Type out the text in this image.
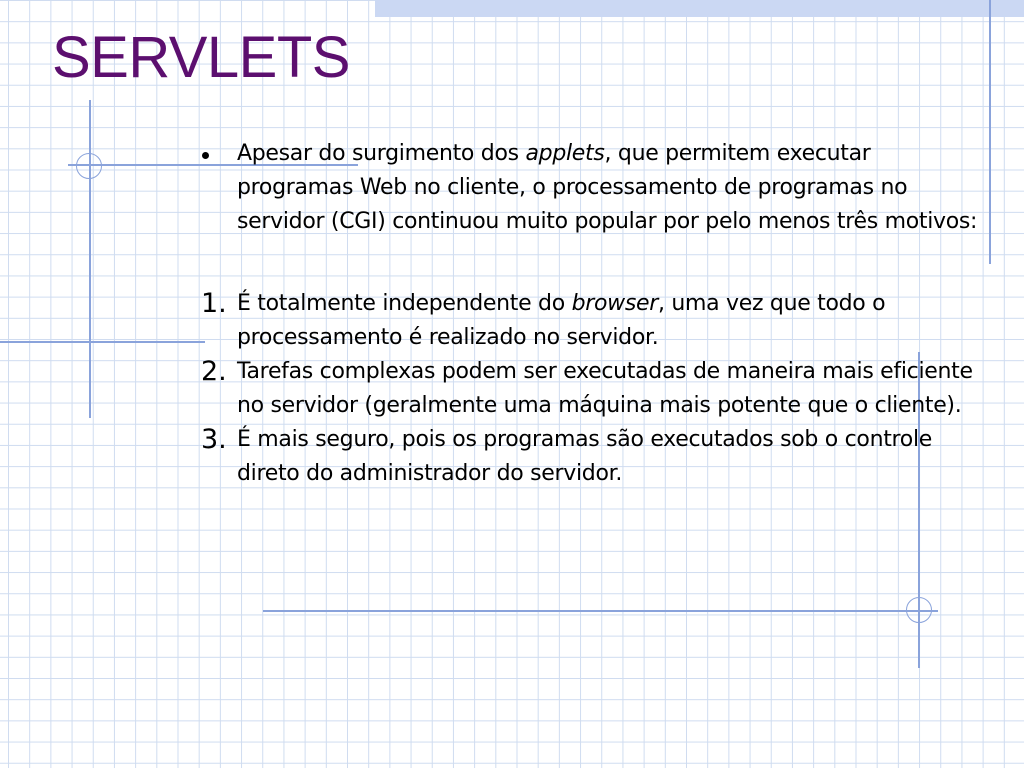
SERVLETS
Apesar do surgimento dos applets, que permitem executar programas Web no cliente, o processamento de programas no servidor (CGI) continuou muito popular por pelo menos três motivos:
1. É totalmente independente do browser, uma vez que todo o processamento é realizado no servidor.
2. Tarefas complexas podem ser executadas de maneira mais eficiente no servidor (geralmente uma máquina mais potente que o cliente).
3. É mais seguro, pois os programas são executados sob o controle direto do administrador do servidor.
